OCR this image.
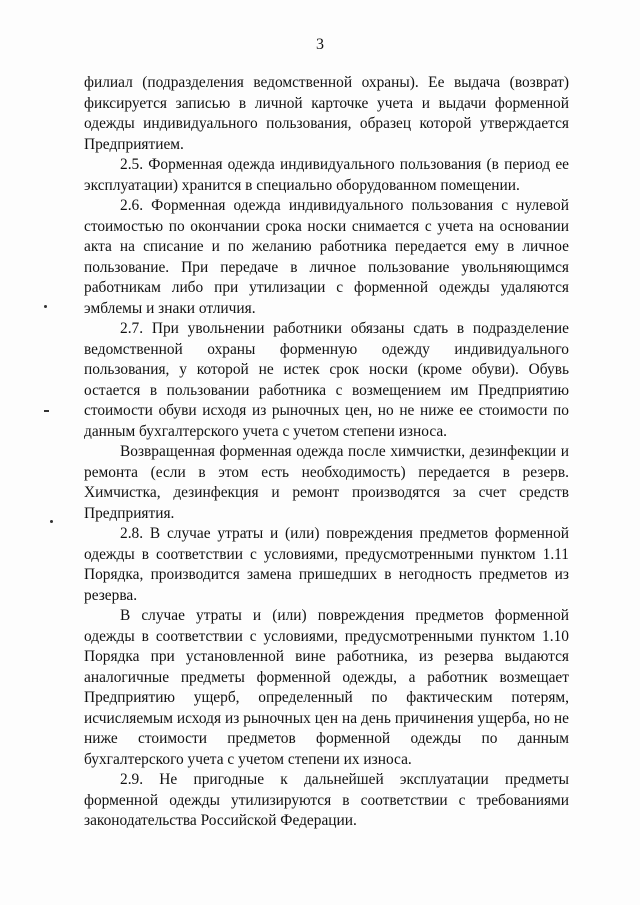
3

филиал (подразделения ведомственной охраны). Ее выдача (возврат) фиксируется записью в личной карточке учета и выдачи форменной одежды индивидуального пользования, образец которой утверждается Предприятием.

2.5. Форменная одежда индивидуального пользования (в период ее эксплуатации) хранится в специально оборудованном помещении.

2.6. Форменная одежда индивидуального пользования с нулевой стоимостью по окончании срока носки снимается с учета на основании акта на списание и по желанию работника передается ему в личное пользование. При передаче в личное пользование увольняющимся работникам либо при утилизации с форменной одежды удаляются эмблемы и знаки отличия.

2.7. При увольнении работники обязаны сдать в подразделение ведомственной охраны форменную одежду индивидуального пользования, у которой не истек срок носки (кроме обуви). Обувь остается в пользовании работника с возмещением им Предприятию стоимости обуви исходя из рыночных цен, но не ниже ее стоимости по данным бухгалтерского учета с учетом степени износа.

Возвращенная форменная одежда после химчистки, дезинфекции и ремонта (если в этом есть необходимость) передается в резерв. Химчистка, дезинфекция и ремонт производятся за счет средств Предприятия.

2.8. В случае утраты и (или) повреждения предметов форменной одежды в соответствии с условиями, предусмотренными пунктом 1.11 Порядка, производится замена пришедших в негодность предметов из резерва.

В случае утраты и (или) повреждения предметов форменной одежды в соответствии с условиями, предусмотренными пунктом 1.10 Порядка при установленной вине работника, из резерва выдаются аналогичные предметы форменной одежды, а работник возмещает Предприятию ущерб, определенный по фактическим потерям, исчисляемым исходя из рыночных цен на день причинения ущерба, но не ниже стоимости предметов форменной одежды по данным бухгалтерского учета с учетом степени их износа.

2.9. Не пригодные к дальнейшей эксплуатации предметы форменной одежды утилизируются в соответствии с требованиями законодательства Российской Федерации.
